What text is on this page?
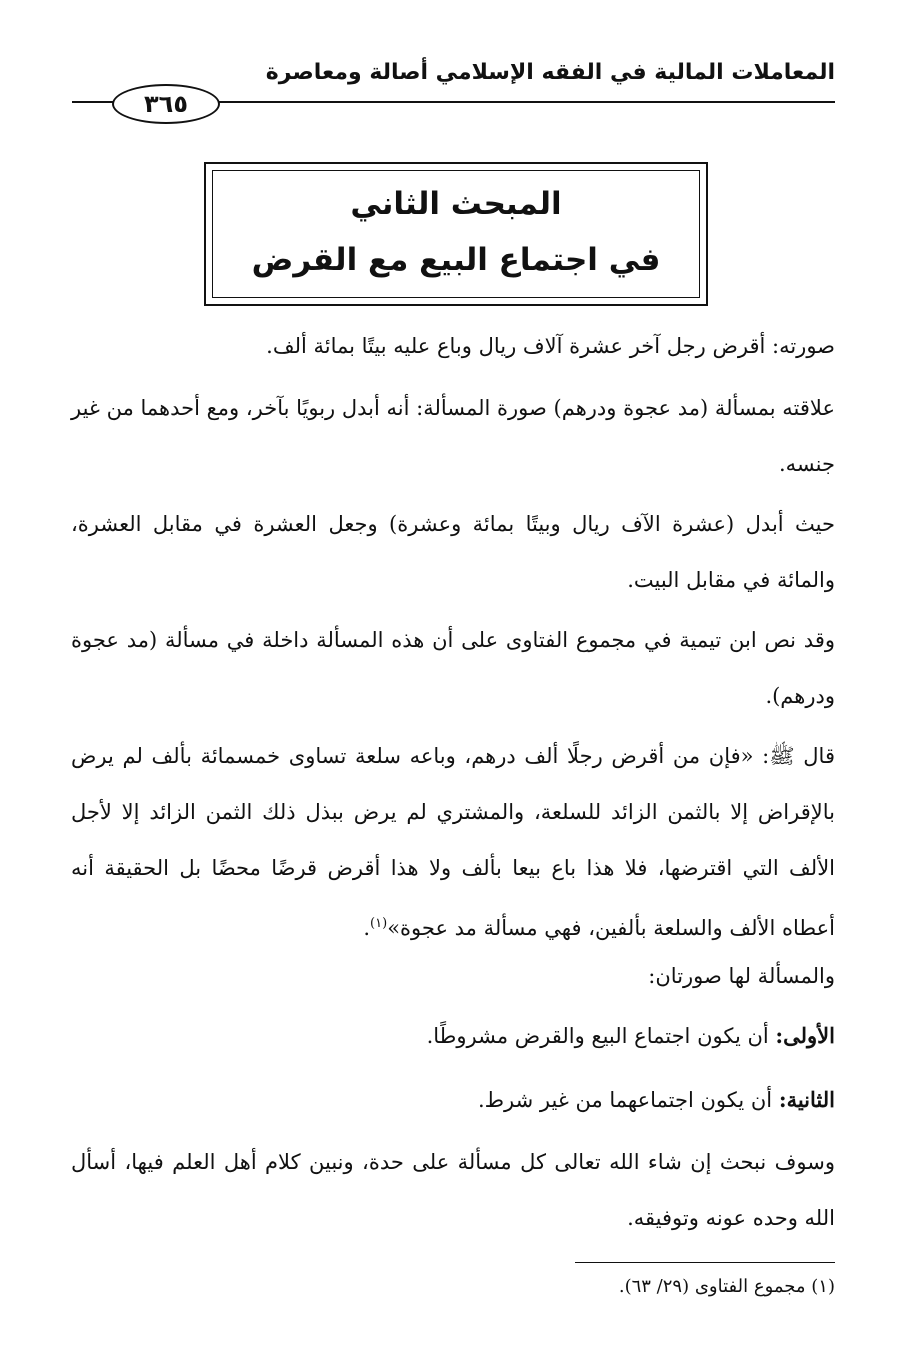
المعاملات المالية في الفقه الإسلامي أصالة ومعاصرة
٣٦٥
المبحث الثاني
في اجتماع البيع مع القرض

صورته: أقرض رجل آخر عشرة آلاف ريال وباع عليه بيتًا بمائة ألف.

علاقته بمسألة (مد عجوة ودرهم) صورة المسألة: أنه أبدل ربويًا بآخر، ومع أحدهما من غير جنسه.

حيث أبدل (عشرة الآف ريال وبيتًا بمائة وعشرة) وجعل العشرة في مقابل العشرة، والمائة في مقابل البيت.

وقد نص ابن تيمية في مجموع الفتاوى على أن هذه المسألة داخلة في مسألة (مد عجوة ودرهم).

قال ﷺ: «فإن من أقرض رجلًا ألف درهم، وباعه سلعة تساوى خمسمائة بألف لم يرض بالإقراض إلا بالثمن الزائد للسلعة، والمشتري لم يرض ببذل ذلك الثمن الزائد إلا لأجل الألف التي اقترضها، فلا هذا باع بيعا بألف ولا هذا أقرض قرضًا محضًا بل الحقيقة أنه أعطاه الألف والسلعة بألفين، فهي مسألة مد عجوة»$^{(١)}$.

والمسألة لها صورتان:

الأولى: أن يكون اجتماع البيع والقرض مشروطًا.

الثانية: أن يكون اجتماعهما من غير شرط.

وسوف نبحث إن شاء الله تعالى كل مسألة على حدة، ونبين كلام أهل العلم فيها، أسأل الله وحده عونه وتوفيقه.

(١) مجموع الفتاوى (٢٩/ ٦٣).
